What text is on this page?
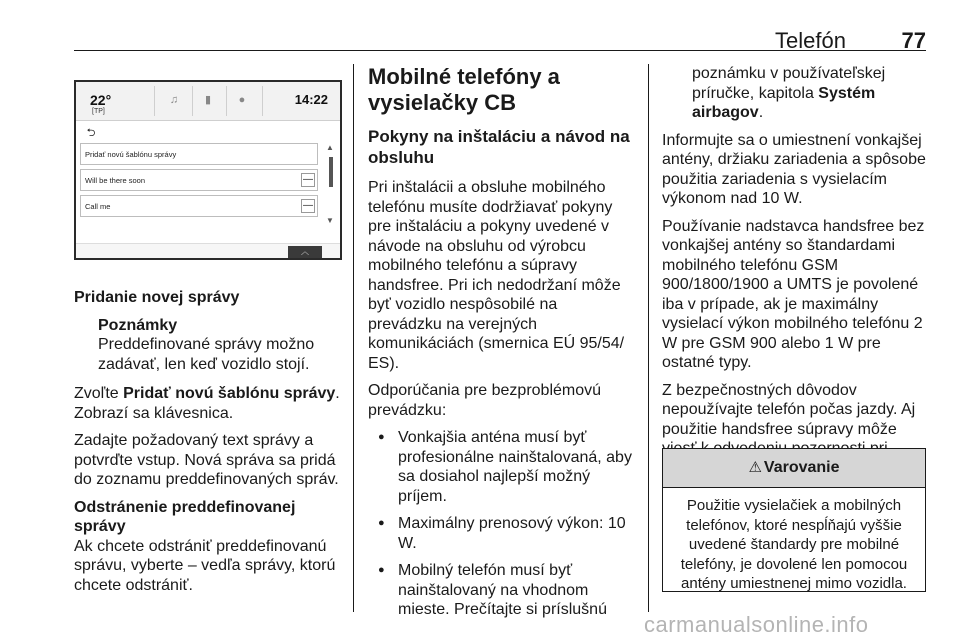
Telefón	77
22°
[TP]
♫ ▮	●	14:22
⮌
Pridať novú šablónu správy
Will be there soon	—
Call me	—
▲
▼
︿

Pridanie novej správy

Poznámky
Preddefinované správy možno zadávať, len keď vozidlo stojí.

Zvoľte Pridať novú šablónu správy.
Zobrazí sa klávesnica.

Zadajte požadovaný text správy a potvrďte vstup. Nová správa sa pridá do zoznamu preddefinovaných správ.

Odstránenie preddefinovanej správy

Ak chcete odstrániť preddefinovanú správu, vyberte – vedľa správy, ktorú chcete odstrániť.

Mobilné telefóny a vysielačky CB
Pokyny na inštaláciu a návod na obsluhu

Pri inštalácii a obsluhe mobilného telefónu musíte dodržiavať pokyny pre inštaláciu a pokyny uvedené v návode na obsluhu od výrobcu mobilného telefónu a súpravy handsfree. Pri ich nedodržaní môže byť vozidlo nespôsobilé na prevádzku na verejných komunikáciách (smernica EÚ 95/54/ ES).

Odporúčania pre bezproblémovú prevádzku:

● Vonkajšia anténa musí byť profesionálne nainštalovaná, aby sa dosiahol najlepší možný príjem.
● Maximálny prenosový výkon: 10 W.
● Mobilný telefón musí byť nainštalovaný na vhodnom mieste. Prečítajte si príslušnú

poznámku v používateľskej príručke, kapitola Systém airbagov.

Informujte sa o umiestnení vonkajšej antény, držiaku zariadenia a spôsobe použitia zariadenia s vysielacím výkonom nad 10 W.

Používanie nadstavca handsfree bez vonkajšej antény so štandardami mobilného telefónu GSM 900/1800/1900 a UMTS je povolené iba v prípade, ak je maximálny vysielací výkon mobilného telefónu 2 W pre GSM 900 alebo 1 W pre ostatné typy.

Z bezpečnostných dôvodov nepoužívajte telefón počas jazdy. Aj použitie handsfree súpravy môže

⚠ Varovanie
Použitie vysielačiek a mobilných telefónov, ktoré nespĺňajú vyššie uvedené štandardy pre mobilné telefóny, je dovolené len pomocou antény umiestnenej mimo vozidla.
carmanualsonline.info
